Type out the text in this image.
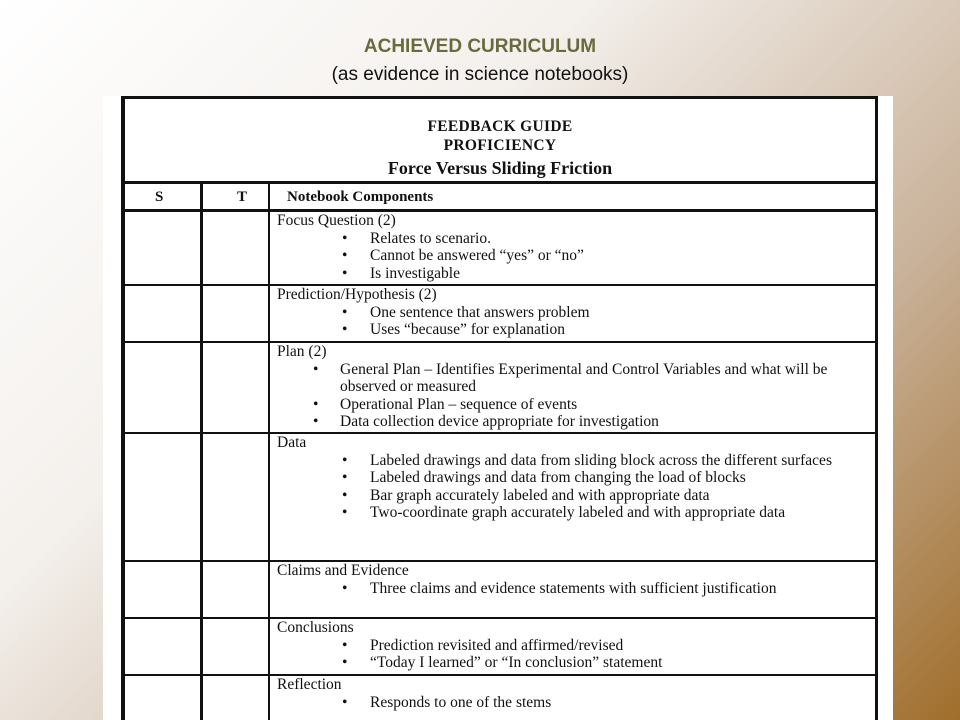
ACHIEVED CURRICULUM
(as evidence in science notebooks)
FEEDBACK GUIDE
PROFICIENCY
Force Versus Sliding Friction
S	T	Notebook Components
Focus Question (2)
•	Relates to scenario.
•	Cannot be answered “yes” or “no”
•	Is investigable
Prediction/Hypothesis (2)
•	One sentence that answers problem
•	Uses “because” for explanation
Plan (2)
•	General Plan – Identifies Experimental and Control Variables and what will be observed or measured
•	Operational Plan – sequence of events
•	Data collection device appropriate for investigation
Data
•	Labeled drawings and data from sliding block across the different surfaces
•	Labeled drawings and data from changing the load of blocks
•	Bar graph accurately labeled and with appropriate data
•	Two-coordinate graph accurately labeled and with appropriate data
Claims and Evidence
•	Three claims and evidence statements with sufficient justification
Conclusions
•	Prediction revisited and affirmed/revised
•	“Today I learned” or “In conclusion” statement
Reflection
•	Responds to one of the stems
